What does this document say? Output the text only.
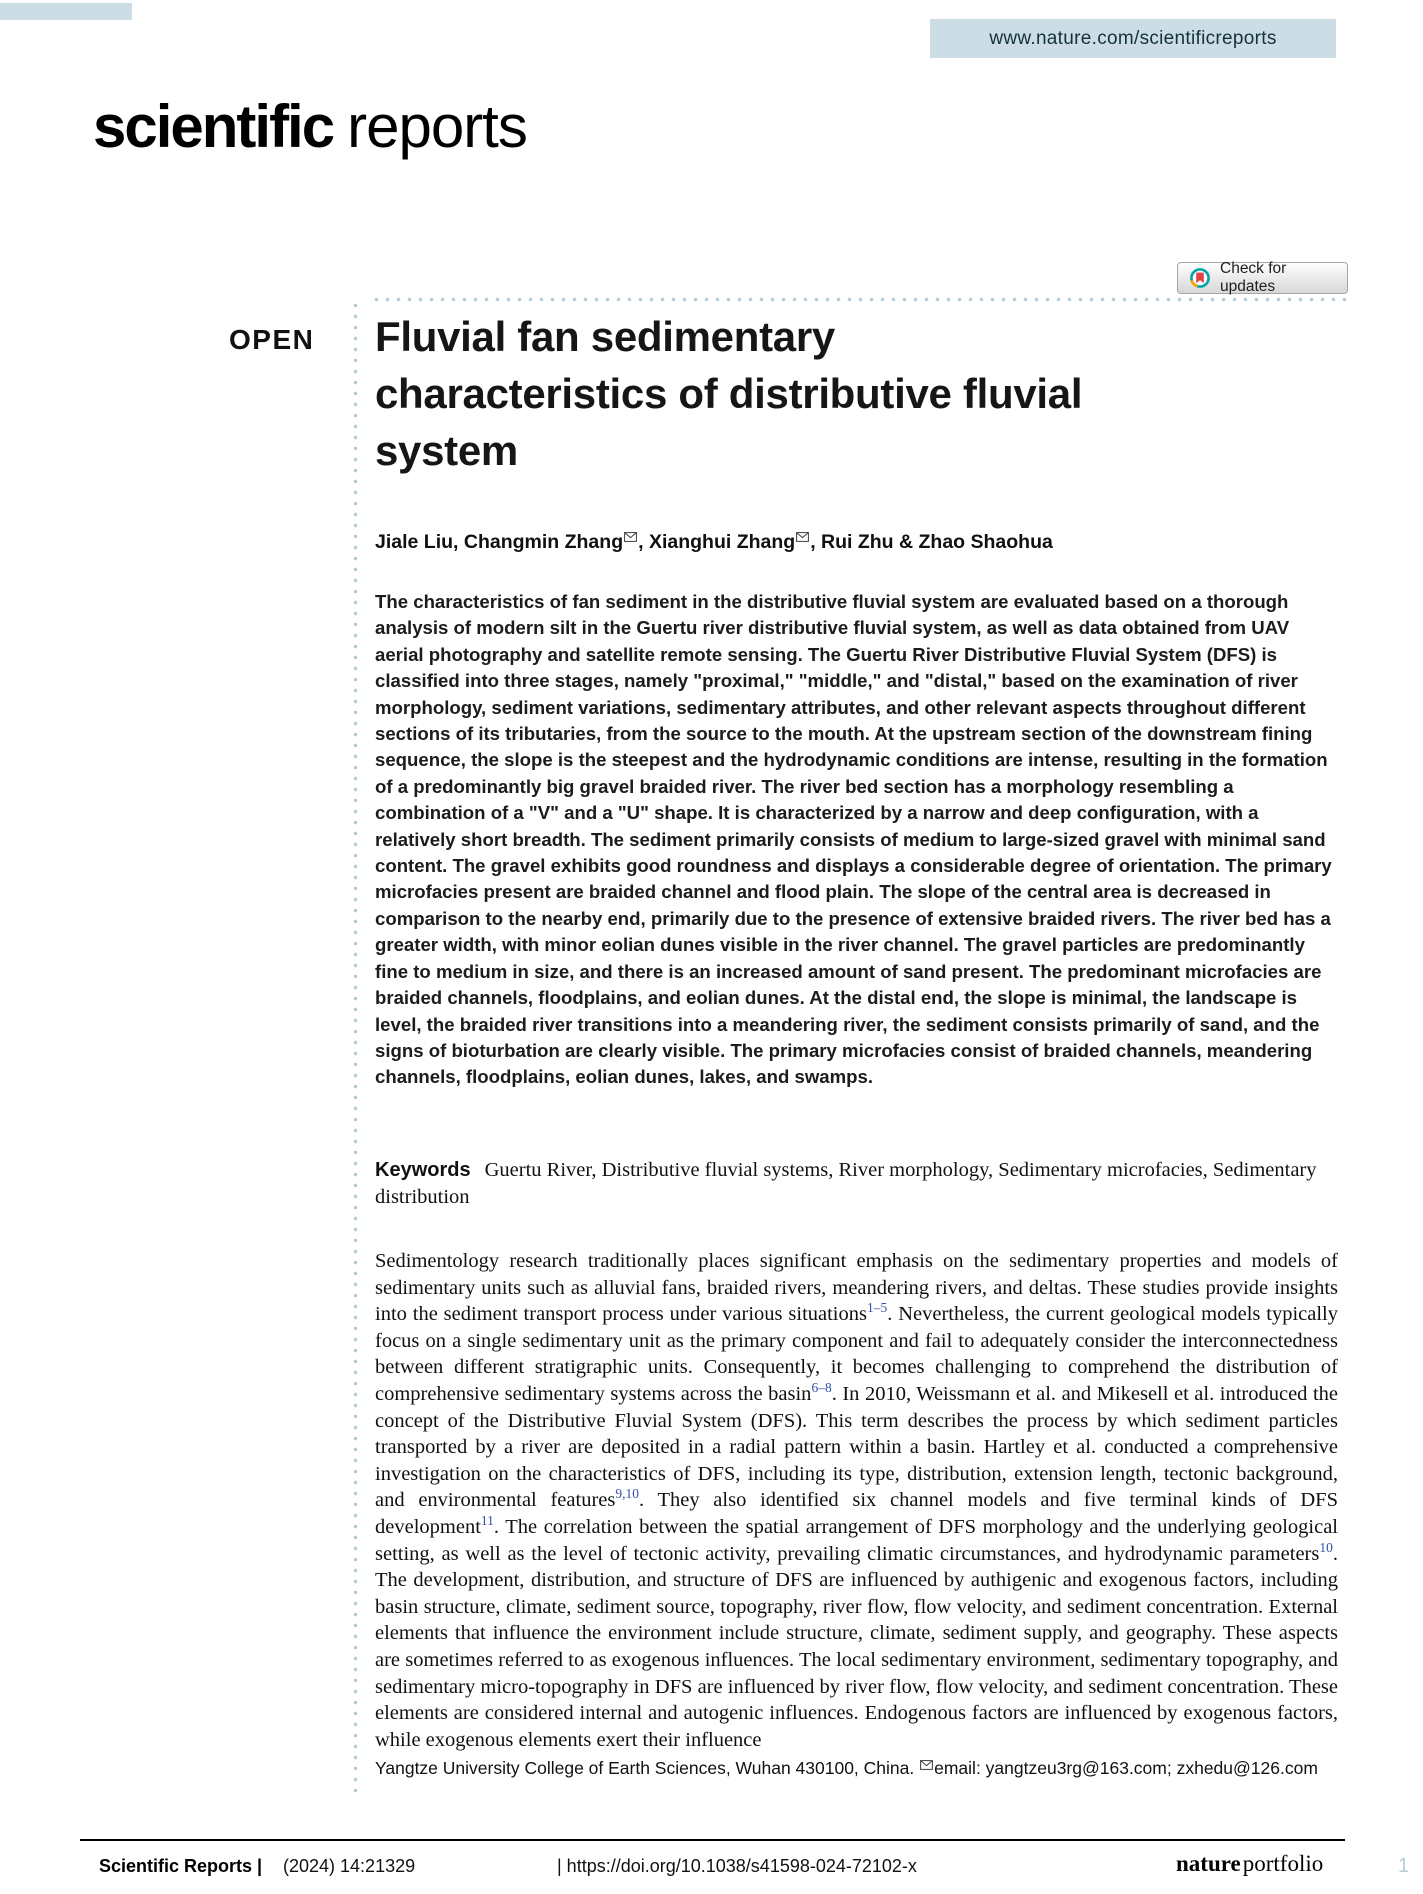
www.nature.com/scientificreports
scientific reports
Check for updates
OPEN Fluvial fan sedimentary
characteristics of distributive fluvial
system
Jiale Liu, Changmin Zhang , Xianghui Zhang , Rui Zhu & Zhao Shaohua

The characteristics of fan sediment in the distributive fluvial system are evaluated based on a thorough analysis of modern silt in the Guertu river distributive fluvial system, as well as data obtained from UAV aerial photography and satellite remote sensing. The Guertu River Distributive Fluvial System (DFS) is classified into three stages, namely "proximal," "middle," and "distal," based on the examination of river morphology, sediment variations, sedimentary attributes, and other relevant aspects throughout different sections of its tributaries, from the source to the mouth. At the upstream section of the downstream fining sequence, the slope is the steepest and the hydrodynamic conditions are intense, resulting in the formation of a predominantly big gravel braided river. The river bed section has a morphology resembling a combination of a "V" and a "U" shape. It is characterized by a narrow and deep configuration, with a relatively short breadth. The sediment primarily consists of medium to large-sized gravel with minimal sand content. The gravel exhibits good roundness and displays a considerable degree of orientation. The primary microfacies present are braided channel and flood plain. The slope of the central area is decreased in comparison to the nearby end, primarily due to the presence of extensive braided rivers. The river bed has a greater width, with minor eolian dunes visible in the river channel. The gravel particles are predominantly fine to medium in size, and there is an increased amount of sand present. The predominant microfacies are braided channels, floodplains, and eolian dunes. At the distal end, the slope is minimal, the landscape is level, the braided river transitions into a meandering river, the sediment consists primarily of sand, and the signs of bioturbation are clearly visible. The primary microfacies consist of braided channels, meandering channels, floodplains, eolian dunes, lakes, and swamps.

Keywords Guertu River, Distributive fluvial systems, River morphology, Sedimentary microfacies, Sedimentary distribution

Sedimentology research traditionally places significant emphasis on the sedimentary properties and models of sedimentary units such as alluvial fans, braided rivers, meandering rivers, and deltas. These studies provide insights into the sediment transport process under various situations$^{1-5}$. Nevertheless, the current geological models typically focus on a single sedimentary unit as the primary component and fail to adequately consider the interconnectedness between different stratigraphic units. Consequently, it becomes challenging to comprehend the distribution of comprehensive sedimentary systems across the basin$^{6-8}$. In 2010, Weissmann et al. and Mikesell et al. introduced the concept of the Distributive Fluvial System (DFS). This term describes the process by which sediment particles transported by a river are deposited in a radial pattern within a basin. Hartley et al. conducted a comprehensive investigation on the characteristics of DFS, including its type, distribution, extension length, tectonic background, and environmental features$^{9,10}$. They also identified six channel models and five terminal kinds of DFS development$^{11}$. The correlation between the spatial arrangement of DFS morphology and the underlying geological setting, as well as the level of tectonic activity, prevailing climatic circumstances, and hydrodynamic parameters$^{10}$. The development, distribution, and structure of DFS are influenced by authigenic and exogenous factors, including basin structure, climate, sediment source, topography, river flow, flow velocity, and sediment concentration. External elements that influence the environment include structure, climate, sediment supply, and geography. These aspects are sometimes referred to as exogenous influences. The local sedimentary environment, sedimentary topography, and sedimentary micro-topography in DFS are influenced by river flow, flow velocity, and sediment concentration. These elements are considered internal and autogenic influences. Endogenous factors are influenced by exogenous factors, while exogenous elements exert their influence

Yangtze University College of Earth Sciences, Wuhan 430100, China. email: yangtzeu3rg@163.com; zxhedu@126.com

Scientific Reports | (2024) 14:21329	| https://doi.org/10.1038/s41598-024-72102-x	natureportfolio	1
